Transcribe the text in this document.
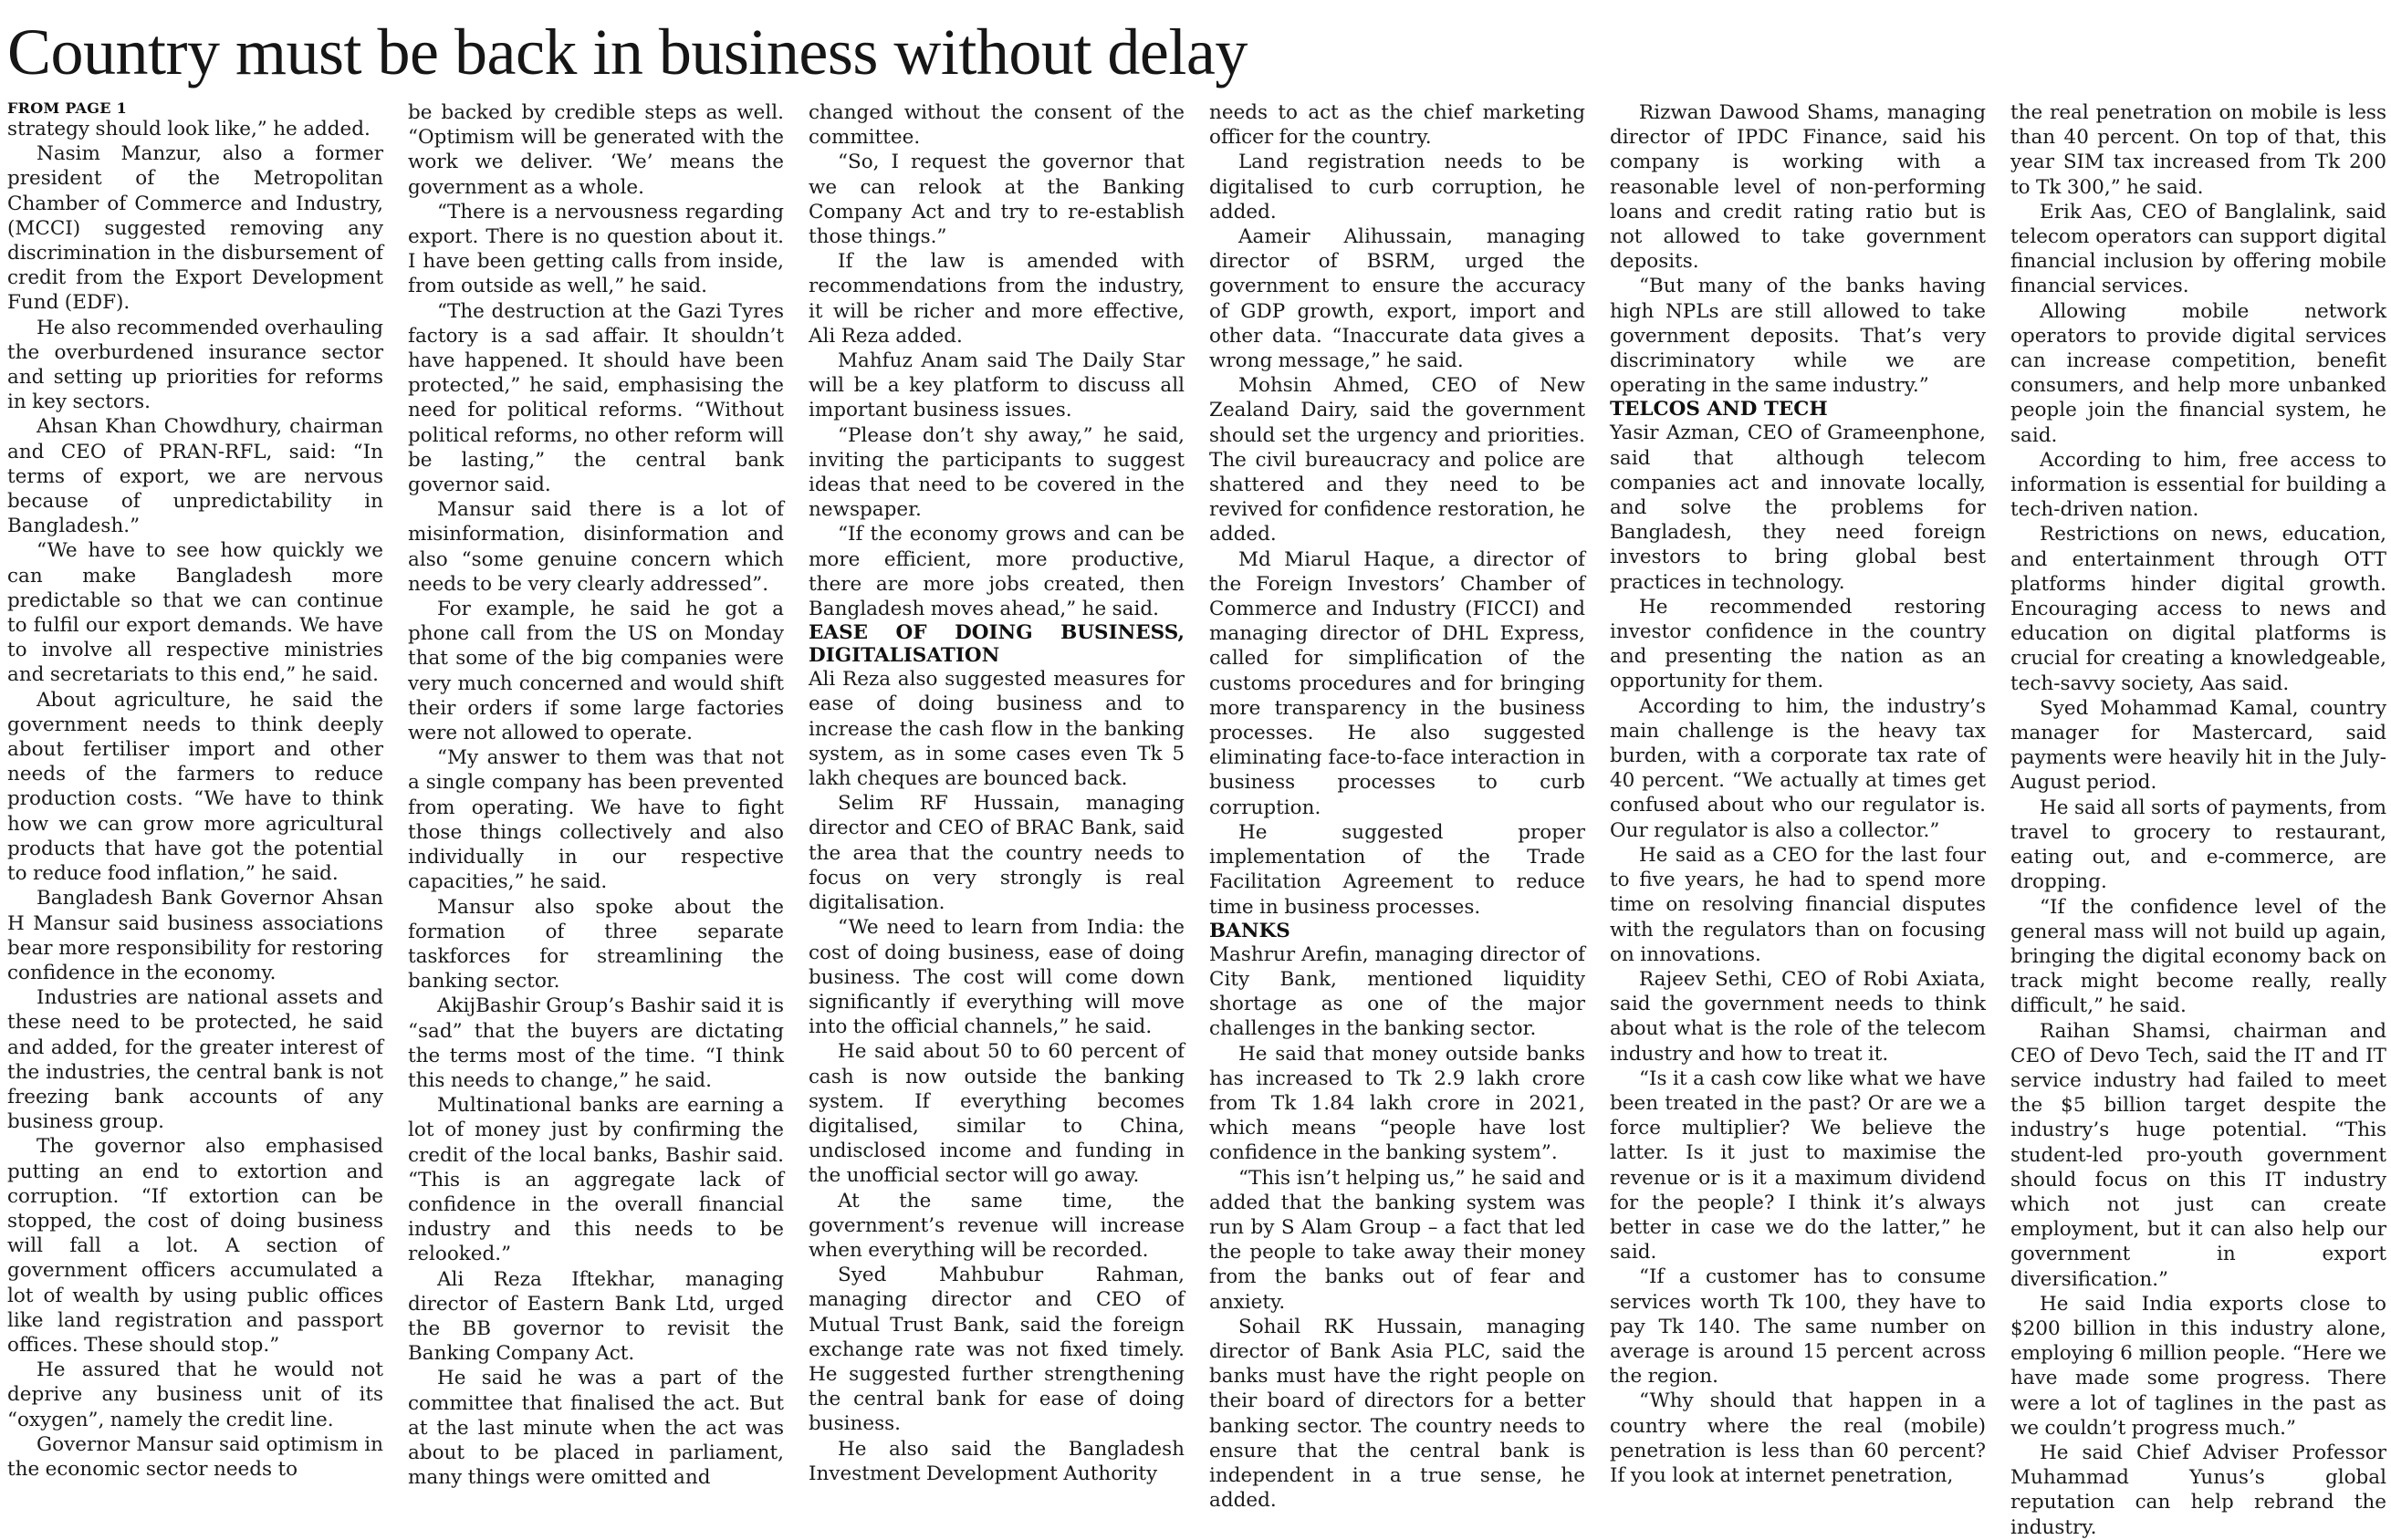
Country must be back in business without delay
FROM PAGE 1

strategy should look like,” he added.

Nasim Manzur, also a former president of the Metropolitan Chamber of Commerce and Industry, (MCCI) suggested removing any discrimination in the disbursement of credit from the Export Development Fund (EDF).

He also recommended overhauling the overburdened insurance sector and setting up priorities for reforms in key sectors.

Ahsan Khan Chowdhury, chairman and CEO of PRAN-RFL, said: “In terms of export, we are nervous because of unpredictability in Bangladesh.”

“We have to see how quickly we can make Bangladesh more predictable so that we can continue to fulfil our export demands. We have to involve all respective ministries and secretariats to this end,” he said.

About agriculture, he said the government needs to think deeply about fertiliser import and other needs of the farmers to reduce production costs. “We have to think how we can grow more agricultural products that have got the potential to reduce food inflation,” he said.

Bangladesh Bank Governor Ahsan H Mansur said business associations bear more responsibility for restoring confidence in the economy.

Industries are national assets and these need to be protected, he said and added, for the greater interest of the industries, the central bank is not freezing bank accounts of any business group.

The governor also emphasised putting an end to extortion and corruption. “If extortion can be stopped, the cost of doing business will fall a lot. A section of government officers accumulated a lot of wealth by using public offices like land registration and passport offices. These should stop.”

He assured that he would not deprive any business unit of its “oxygen”, namely the credit line.

Governor Mansur said optimism in the economic sector needs to

be backed by credible steps as well. “Optimism will be generated with the work we deliver. ‘We’ means the government as a whole.

“There is a nervousness regarding export. There is no question about it. I have been getting calls from inside, from outside as well,” he said.

“The destruction at the Gazi Tyres factory is a sad affair. It shouldn’t have happened. It should have been protected,” he said, emphasising the need for political reforms. “Without political reforms, no other reform will be lasting,” the central bank governor said.

Mansur said there is a lot of misinformation, disinformation and also “some genuine concern which needs to be very clearly addressed”.

For example, he said he got a phone call from the US on Monday that some of the big companies were very much concerned and would shift their orders if some large factories were not allowed to operate.

“My answer to them was that not a single company has been prevented from operating. We have to fight those things collectively and also individually in our respective capacities,” he said.

Mansur also spoke about the formation of three separate taskforces for streamlining the banking sector.

AkijBashir Group’s Bashir said it is “sad” that the buyers are dictating the terms most of the time. “I think this needs to change,” he said.

Multinational banks are earning a lot of money just by confirming the credit of the local banks, Bashir said. “This is an aggregate lack of confidence in the overall financial industry and this needs to be relooked.”

Ali Reza Iftekhar, managing director of Eastern Bank Ltd, urged the BB governor to revisit the Banking Company Act.

He said he was a part of the committee that finalised the act. But at the last minute when the act was about to be placed in parliament, many things were omitted and

changed without the consent of the committee.

“So, I request the governor that we can relook at the Banking Company Act and try to re-establish those things.”

If the law is amended with recommendations from the industry, it will be richer and more effective, Ali Reza added.

Mahfuz Anam said The Daily Star will be a key platform to discuss all important business issues.

“Please don’t shy away,” he said, inviting the participants to suggest ideas that need to be covered in the newspaper.

“If the economy grows and can be more efficient, more productive, there are more jobs created, then Bangladesh moves ahead,” he said.

EASE OF DOING BUSINESS, DIGITALISATION

Ali Reza also suggested measures for ease of doing business and to increase the cash flow in the banking system, as in some cases even Tk 5 lakh cheques are bounced back.

Selim RF Hussain, managing director and CEO of BRAC Bank, said the area that the country needs to focus on very strongly is real digitalisation.

“We need to learn from India: the cost of doing business, ease of doing business. The cost will come down significantly if everything will move into the official channels,” he said.

He said about 50 to 60 percent of cash is now outside the banking system. If everything becomes digitalised, similar to China, undisclosed income and funding in the unofficial sector will go away.

At the same time, the government’s revenue will increase when everything will be recorded.

Syed Mahbubur Rahman, managing director and CEO of Mutual Trust Bank, said the foreign exchange rate was not fixed timely. He suggested further strengthening the central bank for ease of doing business.

He also said the Bangladesh Investment Development Authority

needs to act as the chief marketing officer for the country.

Land registration needs to be digitalised to curb corruption, he added.

Aameir Alihussain, managing director of BSRM, urged the government to ensure the accuracy of GDP growth, export, import and other data. “Inaccurate data gives a wrong message,” he said.

Mohsin Ahmed, CEO of New Zealand Dairy, said the government should set the urgency and priorities. The civil bureaucracy and police are shattered and they need to be revived for confidence restoration, he added.

Md Miarul Haque, a director of the Foreign Investors’ Chamber of Commerce and Industry (FICCI) and managing director of DHL Express, called for simplification of the customs procedures and for bringing more transparency in the business processes. He also suggested eliminating face-to-face interaction in business processes to curb corruption.

He suggested proper implementation of the Trade Facilitation Agreement to reduce time in business processes.

BANKS

Mashrur Arefin, managing director of City Bank, mentioned liquidity shortage as one of the major challenges in the banking sector.

He said that money outside banks has increased to Tk 2.9 lakh crore from Tk 1.84 lakh crore in 2021, which means “people have lost confidence in the banking system”.

“This isn’t helping us,” he said and added that the banking system was run by S Alam Group – a fact that led the people to take away their money from the banks out of fear and anxiety.

Sohail RK Hussain, managing director of Bank Asia PLC, said the banks must have the right people on their board of directors for a better banking sector. The country needs to ensure that the central bank is independent in a true sense, he added.

Rizwan Dawood Shams, managing director of IPDC Finance, said his company is working with a reasonable level of non-performing loans and credit rating ratio but is not allowed to take government deposits.

“But many of the banks having high NPLs are still allowed to take government deposits. That’s very discriminatory while we are operating in the same industry.”

TELCOS AND TECH

Yasir Azman, CEO of Grameenphone, said that although telecom companies act and innovate locally, and solve the problems for Bangladesh, they need foreign investors to bring global best practices in technology.

He recommended restoring investor confidence in the country and presenting the nation as an opportunity for them.

According to him, the industry’s main challenge is the heavy tax burden, with a corporate tax rate of 40 percent. “We actually at times get confused about who our regulator is. Our regulator is also a collector.”

He said as a CEO for the last four to five years, he had to spend more time on resolving financial disputes with the regulators than on focusing on innovations.

Rajeev Sethi, CEO of Robi Axiata, said the government needs to think about what is the role of the telecom industry and how to treat it.

“Is it a cash cow like what we have been treated in the past? Or are we a force multiplier? We believe the latter. Is it just to maximise the revenue or is it a maximum dividend for the people? I think it’s always better in case we do the latter,” he said.

“If a customer has to consume services worth Tk 100, they have to pay Tk 140. The same number on average is around 15 percent across the region.

“Why should that happen in a country where the real (mobile) penetration is less than 60 percent? If you look at internet penetration,

the real penetration on mobile is less than 40 percent. On top of that, this year SIM tax increased from Tk 200 to Tk 300,” he said.

Erik Aas, CEO of Banglalink, said telecom operators can support digital financial inclusion by offering mobile financial services.

Allowing mobile network operators to provide digital services can increase competition, benefit consumers, and help more unbanked people join the financial system, he said.

According to him, free access to information is essential for building a tech-driven nation.

Restrictions on news, education, and entertainment through OTT platforms hinder digital growth. Encouraging access to news and education on digital platforms is crucial for creating a knowledgeable, tech-savvy society, Aas said.

Syed Mohammad Kamal, country manager for Mastercard, said payments were heavily hit in the July-August period.

He said all sorts of payments, from travel to grocery to restaurant, eating out, and e-commerce, are dropping.

“If the confidence level of the general mass will not build up again, bringing the digital economy back on track might become really, really difficult,” he said.

Raihan Shamsi, chairman and CEO of Devo Tech, said the IT and IT service industry had failed to meet the $5 billion target despite the industry’s huge potential. “This student-led pro-youth government should focus on this IT industry which not just can create employment, but it can also help our government in export diversification.”

He said India exports close to $200 billion in this industry alone, employing 6 million people. “Here we have made some progress. There were a lot of taglines in the past as we couldn’t progress much.”

He said Chief Adviser Professor Muhammad Yunus’s global reputation can help rebrand the industry.
